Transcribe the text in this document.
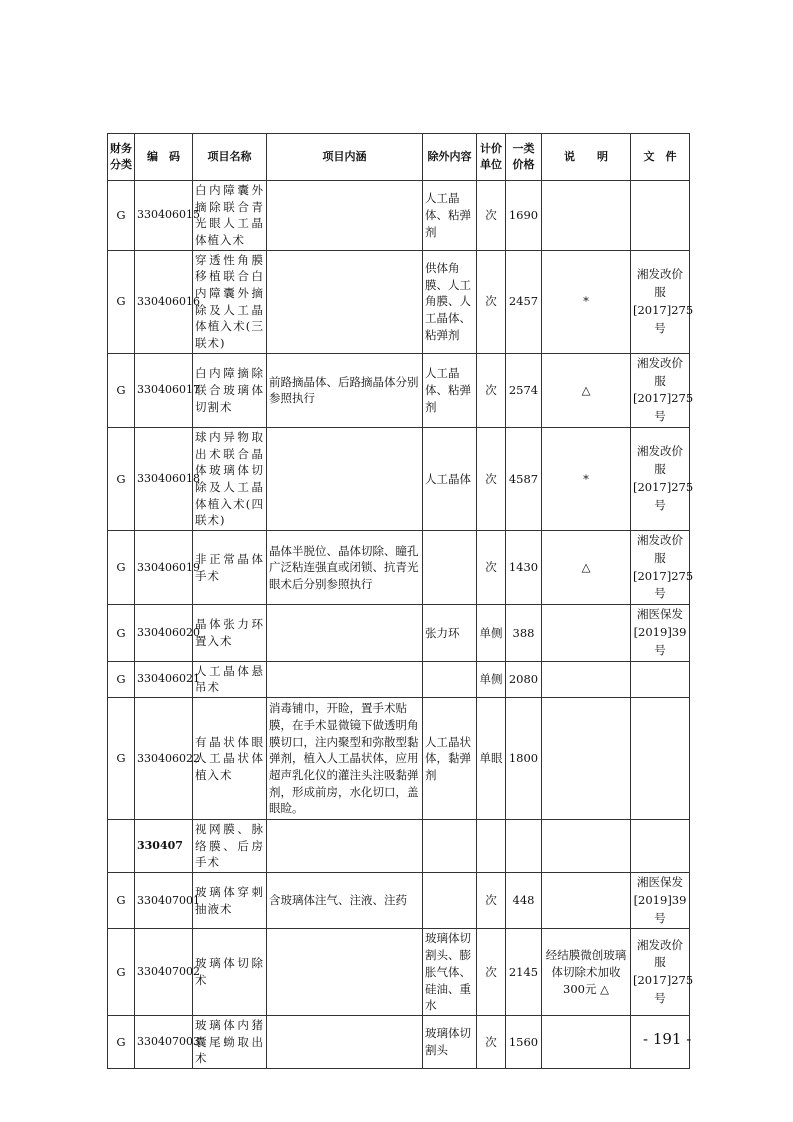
财务分类	编　码	项目名称	项目内涵	除外内容	计价单位	一类价格	说　　明	文　件
G	330406015	白内障囊外摘除联合青光眼人工晶体植入术		人工晶体、粘弹剂	次	1690		
G	330406016	穿透性角膜移植联合白内障囊外摘除及人工晶体植入术(三联术)		供体角膜、人工角膜、人工晶体、粘弹剂	次	2457	*	湘发改价服[2017]275号
G	330406017	白内障摘除联合玻璃体切割术	前路摘晶体、后路摘晶体分别参照执行	人工晶体、粘弹剂	次	2574	△	湘发改价服[2017]275号
G	330406018	球内异物取出术联合晶体玻璃体切除及人工晶体植入术(四联术)		人工晶体	次	4587	*	湘发改价服[2017]275号
G	330406019	非正常晶体手术	晶体半脱位、晶体切除、瞳孔广泛粘连强直或闭锁、抗青光眼术后分别参照执行		次	1430	△	湘发改价服[2017]275号
G	330406020	晶体张力环置入术		张力环	单侧	388		湘医保发[2019]39号
G	330406021	人工晶体悬吊术			单侧	2080		
G	330406022	有晶状体眼人工晶状体植入术	消毒铺巾，开睑，置手术贴膜，在手术显微镜下做透明角膜切口，注内聚型和弥散型黏弹剂，植入人工晶状体，应用超声乳化仪的灌注头注吸黏弹剂，形成前房，水化切口，盖眼睑。	人工晶状体，黏弹剂	单眼	1800		
	330407	视网膜、脉络膜、后房手术						
G	330407001	玻璃体穿刺抽液术	含玻璃体注气、注液、注药		次	448		湘医保发[2019]39号
G	330407002	玻璃体切除术		玻璃体切割头、膨胀气体、硅油、重水	次	2145	经结膜微创玻璃体切除术加收300元 △	湘发改价服[2017]275号
G	330407003	玻璃体内猪囊尾蚴取出术		玻璃体切割头	次	1560			- 191 -
